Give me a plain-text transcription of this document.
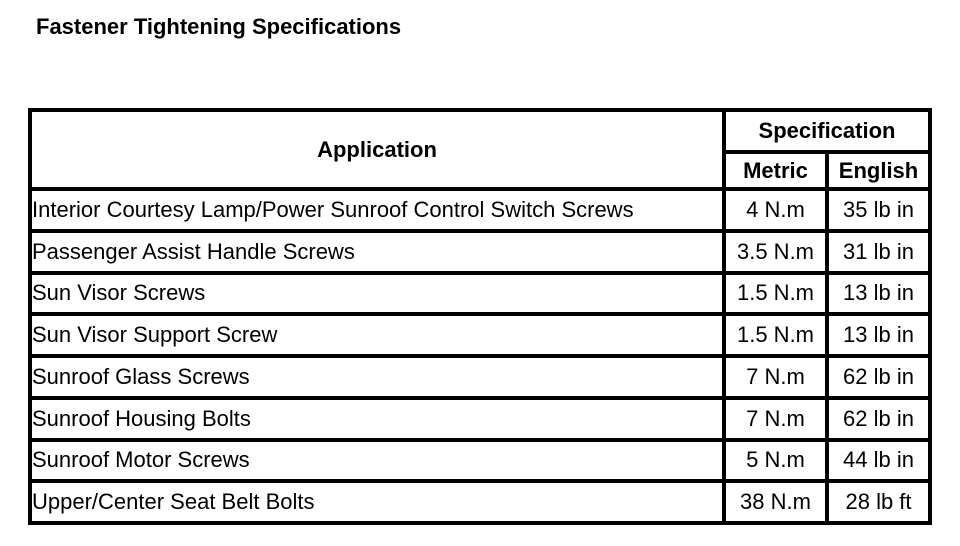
Fastener Tightening Specifications
Application	Specification	
	Metric	English
Interior Courtesy Lamp/Power Sunroof Control Switch Screws	4 N.m	35 lb in
Passenger Assist Handle Screws	3.5 N.m	31 lb in
Sun Visor Screws	1.5 N.m	13 lb in
Sun Visor Support Screw	1.5 N.m	13 lb in
Sunroof Glass Screws	7 N.m	62 lb in
Sunroof Housing Bolts	7 N.m	62 lb in
Sunroof Motor Screws	5 N.m	44 lb in
Upper/Center Seat Belt Bolts	38 N.m	28 lb ft
